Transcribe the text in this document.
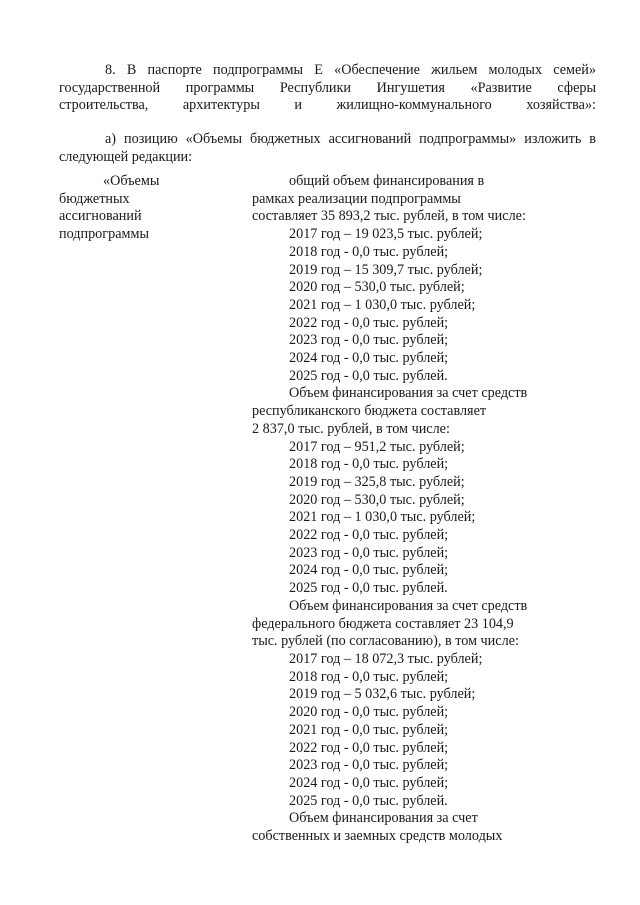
8. В паспорте подпрограммы Е «Обеспечение жильем молодых семей»
государственной программы Республики Ингушетия «Развитие сферы
строительства, архитектуры и жилищно-коммунального хозяйства»:
а) позицию «Объемы бюджетных ассигнований подпрограммы» изложить в
следующей редакции:
«Объемы
бюджетных
ассигнований
подпрограммы
общий объем финансирования в
рамках реализации подпрограммы
составляет 35 893,2 тыс. рублей, в том числе:
2017 год – 19 023,5 тыс. рублей;
2018 год - 0,0 тыс. рублей;
2019 год – 15 309,7 тыс. рублей;
2020 год – 530,0 тыс. рублей;
2021 год – 1 030,0 тыс. рублей;
2022 год - 0,0 тыс. рублей;
2023 год - 0,0 тыс. рублей;
2024 год - 0,0 тыс. рублей;
2025 год - 0,0 тыс. рублей.
Объем финансирования за счет средств
республиканского бюджета составляет
2 837,0 тыс. рублей, в том числе:
2017 год – 951,2 тыс. рублей;
2018 год - 0,0 тыс. рублей;
2019 год – 325,8 тыс. рублей;
2020 год – 530,0 тыс. рублей;
2021 год – 1 030,0 тыс. рублей;
2022 год - 0,0 тыс. рублей;
2023 год - 0,0 тыс. рублей;
2024 год - 0,0 тыс. рублей;
2025 год - 0,0 тыс. рублей.
Объем финансирования за счет средств
федерального бюджета составляет 23 104,9
тыс. рублей (по согласованию), в том числе:
2017 год – 18 072,3 тыс. рублей;
2018 год - 0,0 тыс. рублей;
2019 год – 5 032,6 тыс. рублей;
2020 год - 0,0 тыс. рублей;
2021 год - 0,0 тыс. рублей;
2022 год - 0,0 тыс. рублей;
2023 год - 0,0 тыс. рублей;
2024 год - 0,0 тыс. рублей;
2025 год - 0,0 тыс. рублей.
Объем финансирования за счет
собственных и заемных средств молодых
